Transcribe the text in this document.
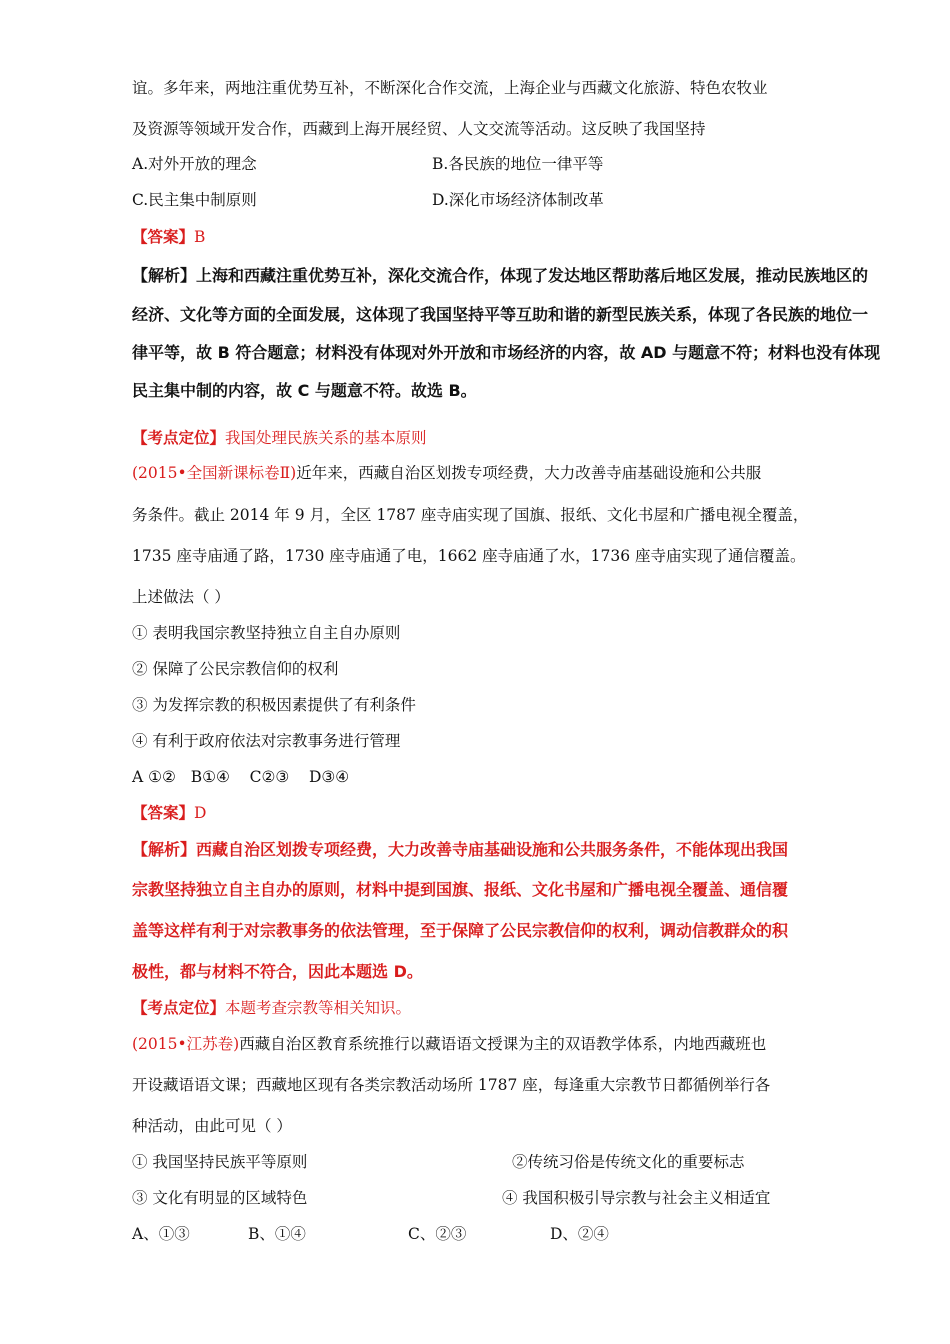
谊。多年来，两地注重优势互补，不断深化合作交流，上海企业与西藏文化旅游、特色农牧业
及资源等领域开发合作，西藏到上海开展经贸、人文交流等活动。这反映了我国坚持
A.对外开放的理念	B.各民族的地位一律平等
C.民主集中制原则	D.深化市场经济体制改革
【答案】B
【解析】上海和西藏注重优势互补，深化交流合作，体现了发达地区帮助落后地区发展，推动民族地区的
经济、文化等方面的全面发展，这体现了我国坚持平等互助和谐的新型民族关系，体现了各民族的地位一
律平等，故 B 符合题意；材料没有体现对外开放和市场经济的内容，故 AD 与题意不符；材料也没有体现
民主集中制的内容，故 C 与题意不符。故选 B。
【考点定位】我国处理民族关系的基本原则
(2015•全国新课标卷Ⅱ)近年来，西藏自治区划拨专项经费，大力改善寺庙基础设施和公共服
务条件。截止 2014 年 9 月，全区 1787 座寺庙实现了国旗、报纸、文化书屋和广播电视全覆盖，
1735 座寺庙通了路，1730 座寺庙通了电，1662 座寺庙通了水，1736 座寺庙实现了通信覆盖。
上述做法（ ）
① 表明我国宗教坚持独立自主自办原则
② 保障了公民宗教信仰的权利
③ 为发挥宗教的积极因素提供了有利条件
④ 有利于政府依法对宗教事务进行管理
A ①② B①④ C②③ D③④
【答案】D
【解析】西藏自治区划拨专项经费，大力改善寺庙基础设施和公共服务条件，不能体现出我国
宗教坚持独立自主自办的原则，材料中提到国旗、报纸、文化书屋和广播电视全覆盖、通信覆
盖等这样有利于对宗教事务的依法管理，至于保障了公民宗教信仰的权利，调动信教群众的积
极性，都与材料不符合，因此本题选 D。
【考点定位】本题考查宗教等相关知识。
(2015•江苏卷)西藏自治区教育系统推行以藏语语文授课为主的双语教学体系，内地西藏班也
开设藏语语文课；西藏地区现有各类宗教活动场所 1787 座，每逢重大宗教节日都循例举行各
种活动，由此可见（ ）
① 我国坚持民族平等原则	②传统习俗是传统文化的重要标志
③ 文化有明显的区域特色	④ 我国积极引导宗教与社会主义相适宜
A、①③	B、①④	C、②③	D、②④
